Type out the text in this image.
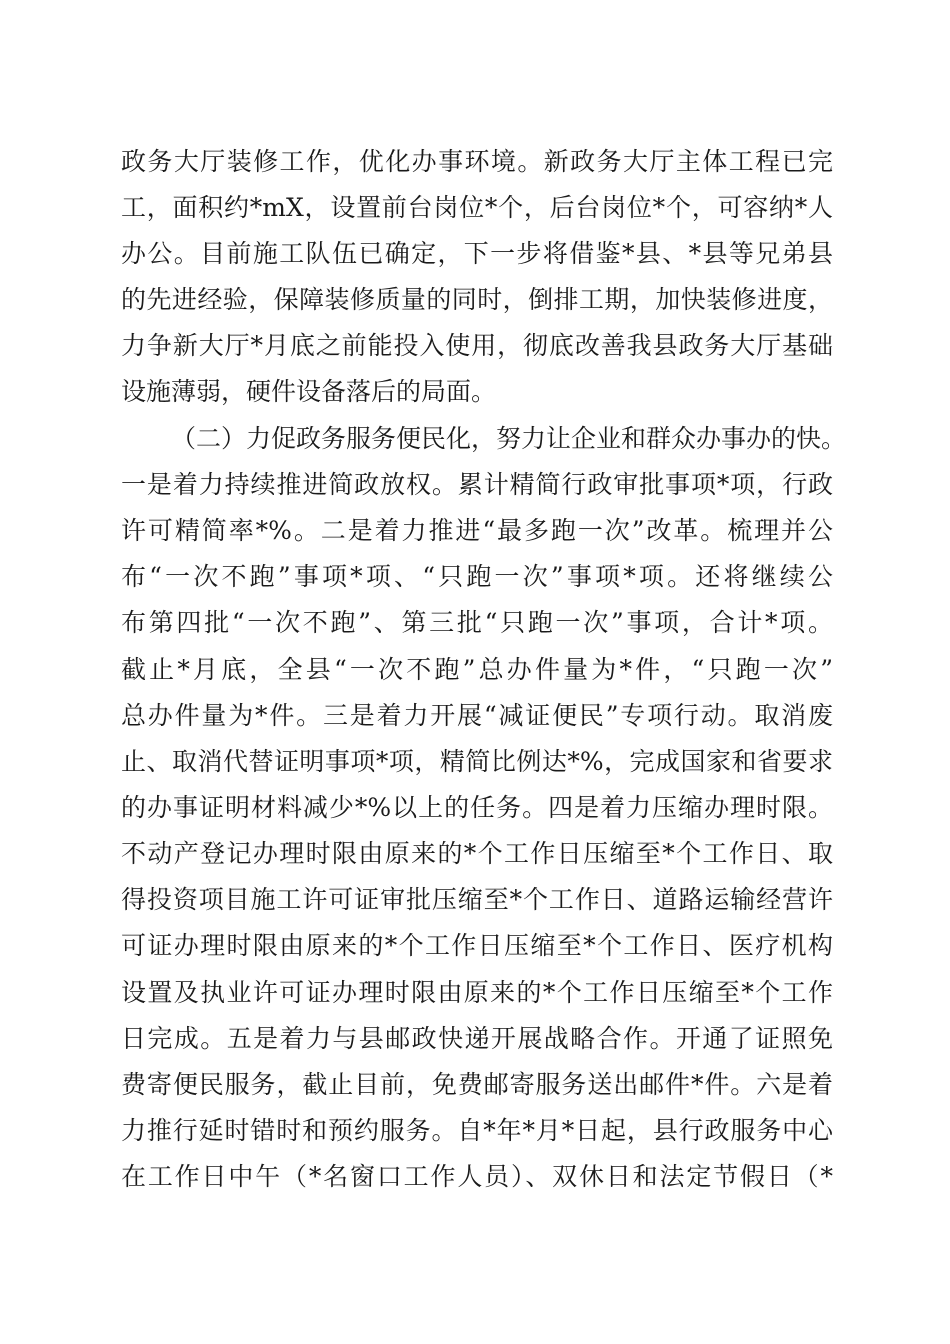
政务大厅装修工作，优化办事环境。新政务大厅主体工程已完
工，面积约*mX，设置前台岗位*个，后台岗位*个，可容纳*人
办公。目前施工队伍已确定，下一步将借鉴*县、*县等兄弟县
的先进经验，保障装修质量的同时，倒排工期，加快装修进度，
力争新大厅*月底之前能投入使用，彻底改善我县政务大厅基础
设施薄弱，硬件设备落后的局面。
（二）力促政务服务便民化，努力让企业和群众办事办的快。
一是着力持续推进简政放权。累计精简行政审批事项*项，行政
许可精简率*%。二是着力推进“最多跑一次”改革。梳理并公
布“一次不跑”事项*项、“只跑一次”事项*项。还将继续公
布第四批“一次不跑”、第三批“只跑一次”事项，合计*项。
截止*月底，全县“一次不跑”总办件量为*件，“只跑一次”
总办件量为*件。三是着力开展“减证便民”专项行动。取消废
止、取消代替证明事项*项，精简比例达*%，完成国家和省要求
的办事证明材料减少*%以上的任务。四是着力压缩办理时限。
不动产登记办理时限由原来的*个工作日压缩至*个工作日、取
得投资项目施工许可证审批压缩至*个工作日、道路运输经营许
可证办理时限由原来的*个工作日压缩至*个工作日、医疗机构
设置及执业许可证办理时限由原来的*个工作日压缩至*个工作
日完成。五是着力与县邮政快递开展战略合作。开通了证照免
费寄便民服务，截止目前，免费邮寄服务送出邮件*件。六是着
力推行延时错时和预约服务。自*年*月*日起，县行政服务中心
在工作日中午（*名窗口工作人员）、双休日和法定节假日（*
